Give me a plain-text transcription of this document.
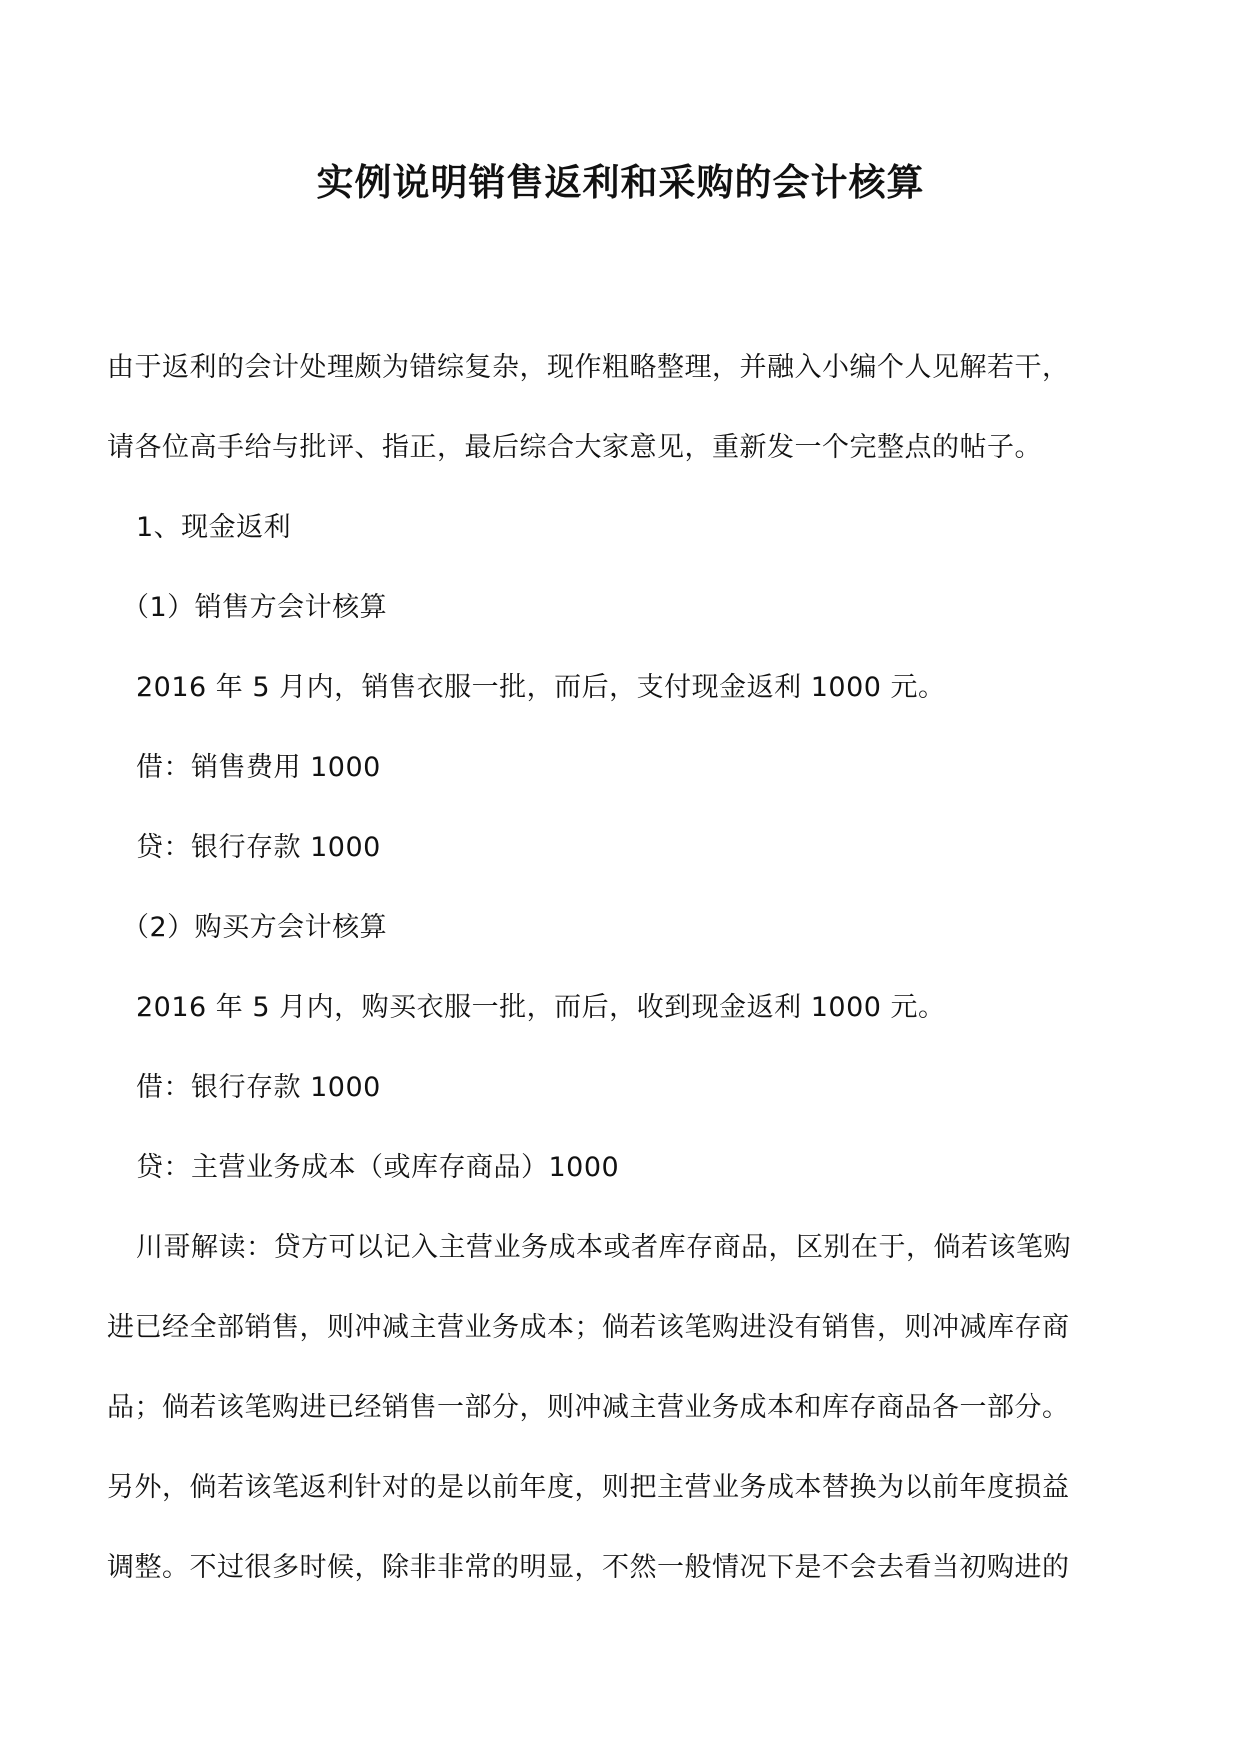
实例说明销售返利和采购的会计核算
由于返利的会计处理颇为错综复杂，现作粗略整理，并融入小编个人见解若干，
请各位高手给与批评、指正，最后综合大家意见，重新发一个完整点的帖子。
1、现金返利
（1）销售方会计核算
2016 年 5 月内，销售衣服一批，而后，支付现金返利 1000 元。
借：销售费用 1000
贷：银行存款 1000
（2）购买方会计核算
2016 年 5 月内，购买衣服一批，而后，收到现金返利 1000 元。
借：银行存款 1000
贷：主营业务成本（或库存商品）1000
川哥解读：贷方可以记入主营业务成本或者库存商品，区别在于，倘若该笔购
进已经全部销售，则冲减主营业务成本；倘若该笔购进没有销售，则冲减库存商
品；倘若该笔购进已经销售一部分，则冲减主营业务成本和库存商品各一部分。
另外，倘若该笔返利针对的是以前年度，则把主营业务成本替换为以前年度损益
调整。不过很多时候，除非非常的明显，不然一般情况下是不会去看当初购进的
